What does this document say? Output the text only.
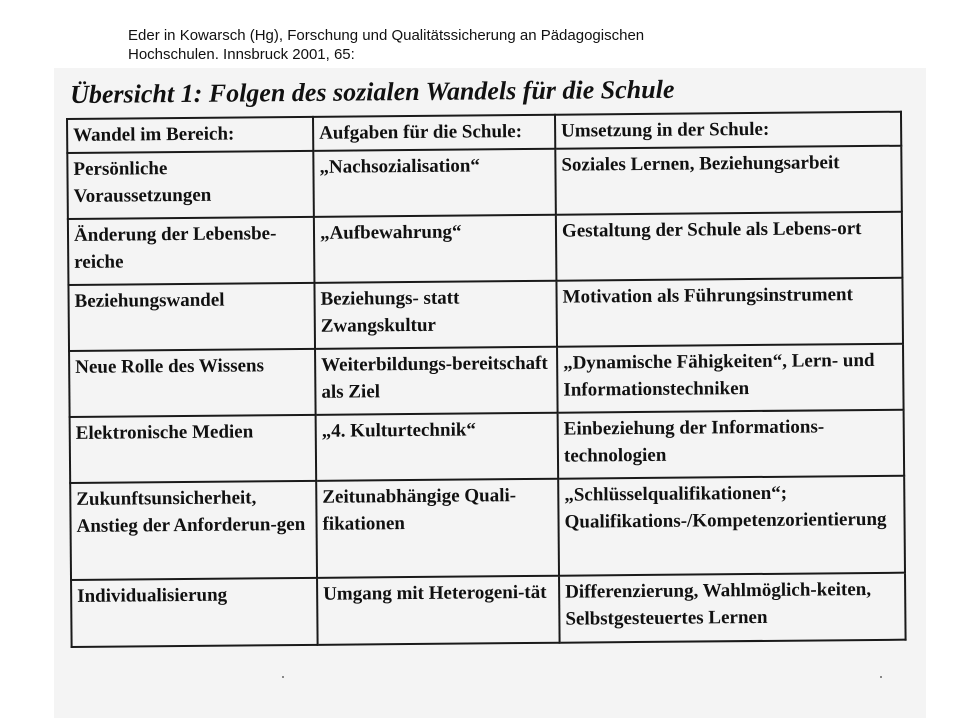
Eder in Kowarsch (Hg), Forschung und Qualitätssicherung an Pädagogischen
Hochschulen. Innsbruck 2001, 65:
Übersicht 1: Folgen des sozialen Wandels für die Schule
Wandel im Bereich:	Aufgaben für die Schule:	Umsetzung in der Schule:
Persönliche Voraussetzungen	„Nachsozialisation“	Soziales Lernen, Beziehungsarbeit
Änderung der Lebensbe-reiche	„Aufbewahrung“	Gestaltung der Schule als Lebens-ort
Beziehungswandel	Beziehungs- statt Zwangskultur	Motivation als Führungsinstrument
Neue Rolle des Wissens	Weiterbildungs-bereitschaft als Ziel	„Dynamische Fähigkeiten“, Lern- und Informationstechniken
Elektronische Medien	„4. Kulturtechnik“	Einbeziehung der Informations-technologien
Zukunftsunsicherheit, Anstieg der Anforderun-gen	Zeitunabhängige Quali-fikationen	„Schlüsselqualifikationen“; Qualifikations-/Kompetenzorientierung
Individualisierung	Umgang mit Heterogeni-tät	Differenzierung, Wahlmöglich-keiten, Selbstgesteuertes Lernen
